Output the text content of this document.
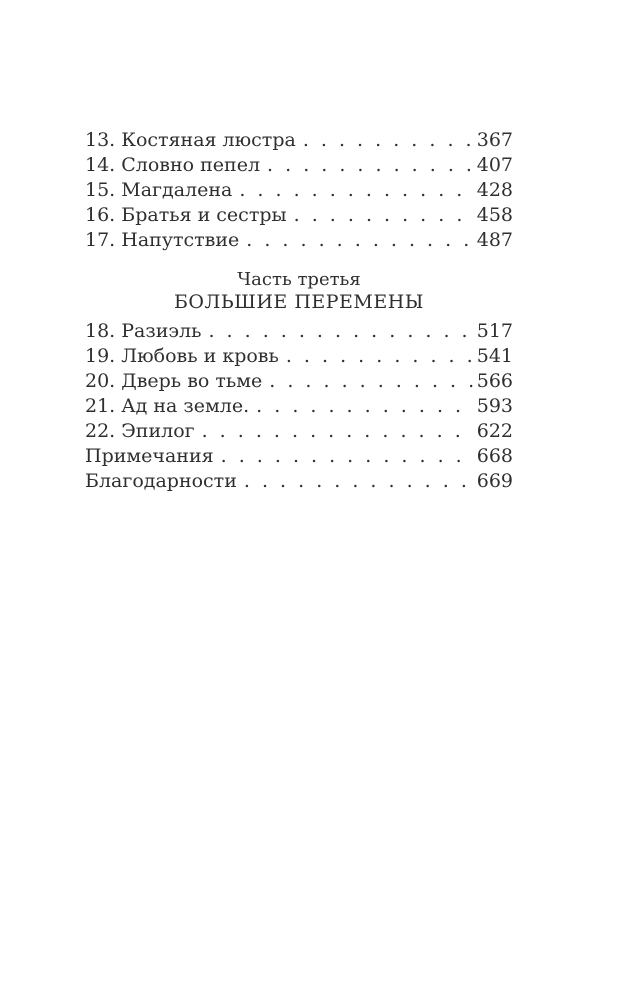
13. Костяная люстра . . .	367
14. Словно пепел . . .	407
15. Магдалена . . .	428
16. Братья и сестры . . .	458
17. Напутствие . . .	487
Часть третья
БОЛЬШИЕ ПЕРЕМЕНЫ
18. Разиэль . . .	517
19. Любовь и кровь . . .	541
20. Дверь во тьме . . .	566
21. Ад на земле. . . .	593
22. Эпилог . . .	622
Примечания . . .	668
Благодарности . . .	669
